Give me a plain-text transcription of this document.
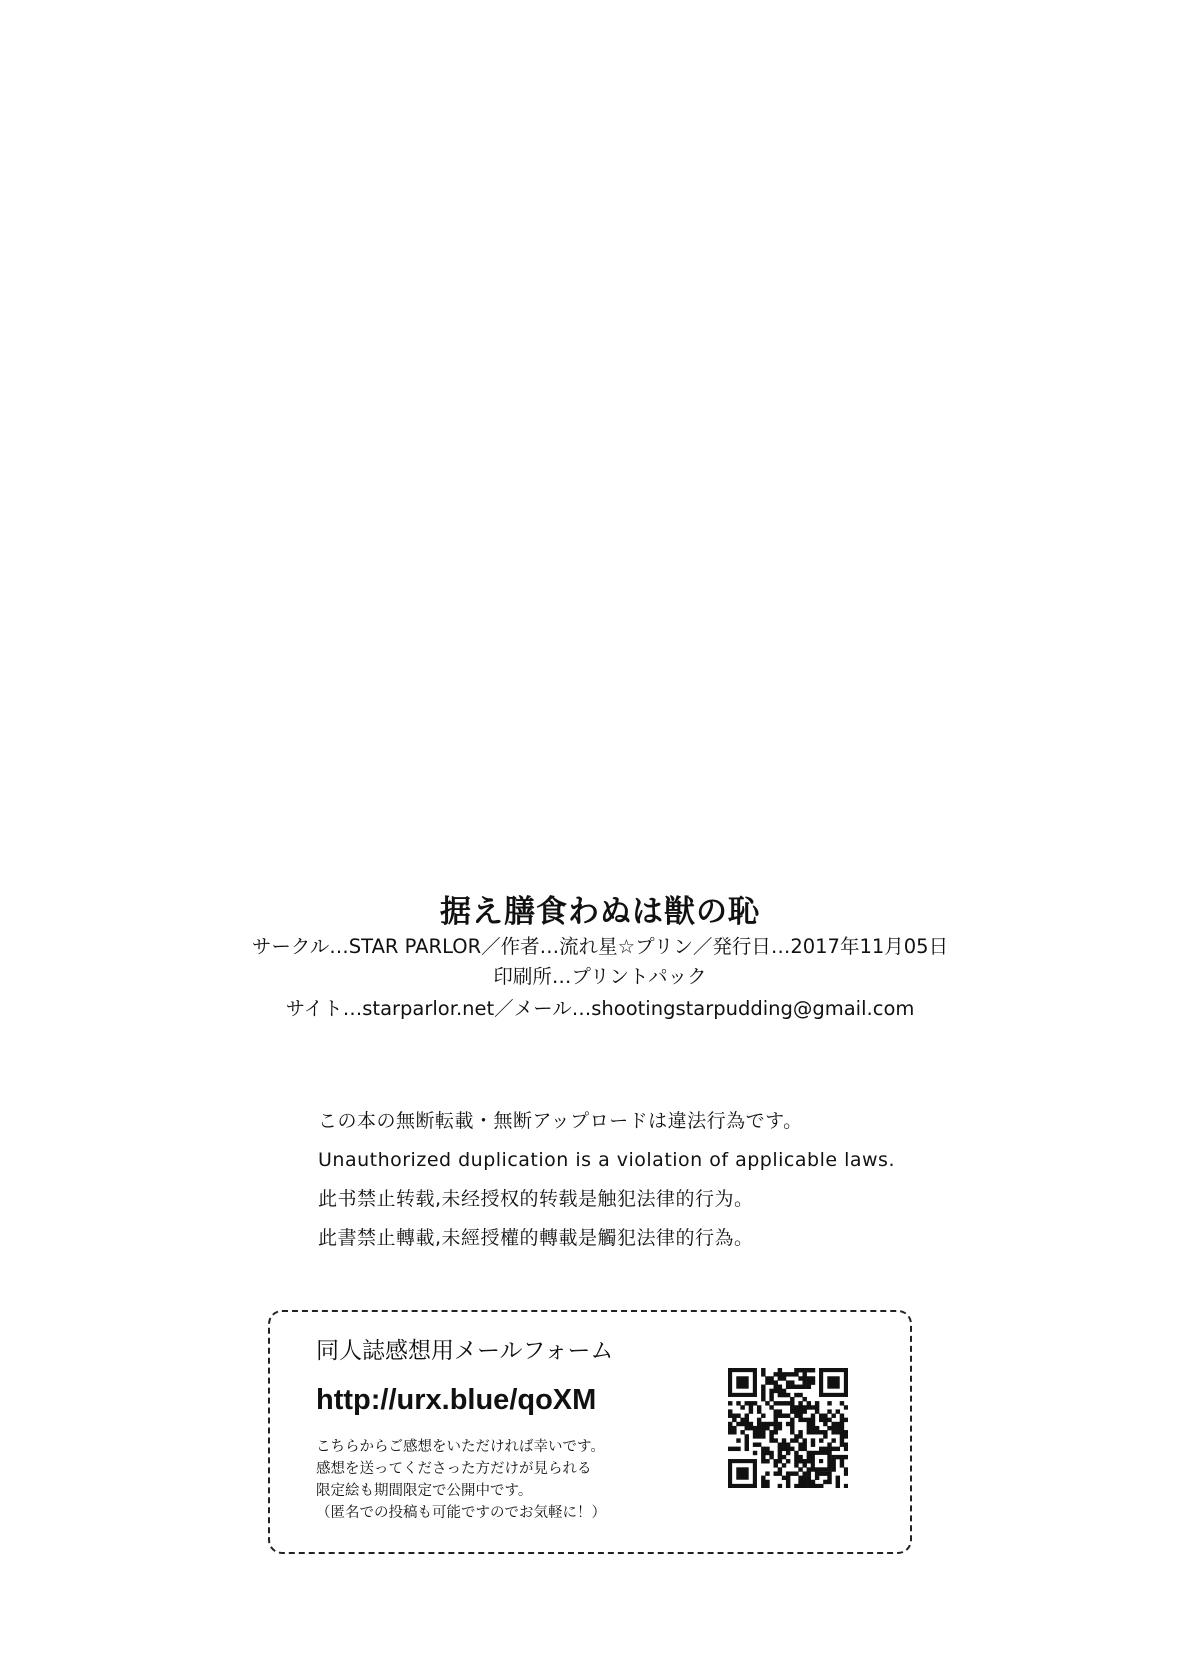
据え膳食わぬは獣の恥

サークル…STAR PARLOR／作者…流れ星☆プリン／発行日…2017年11月05日

印刷所…プリントパック

サイト…starparlor.net／メール…shootingstarpudding@gmail.com

この本の無断転載・無断アップロードは違法行為です。
Unauthorized duplication is a violation of applicable laws.
此书禁止转载,未经授权的转载是触犯法律的行为。
此書禁止轉載,未經授權的轉載是觸犯法律的行為。
同人誌感想用メールフォーム
http://urx.blue/qoXM
こちらからご感想をいただければ幸いです。
感想を送ってくださった方だけが見られる
限定絵も期間限定で公開中です。
（匿名での投稿も可能ですのでお気軽に！）
